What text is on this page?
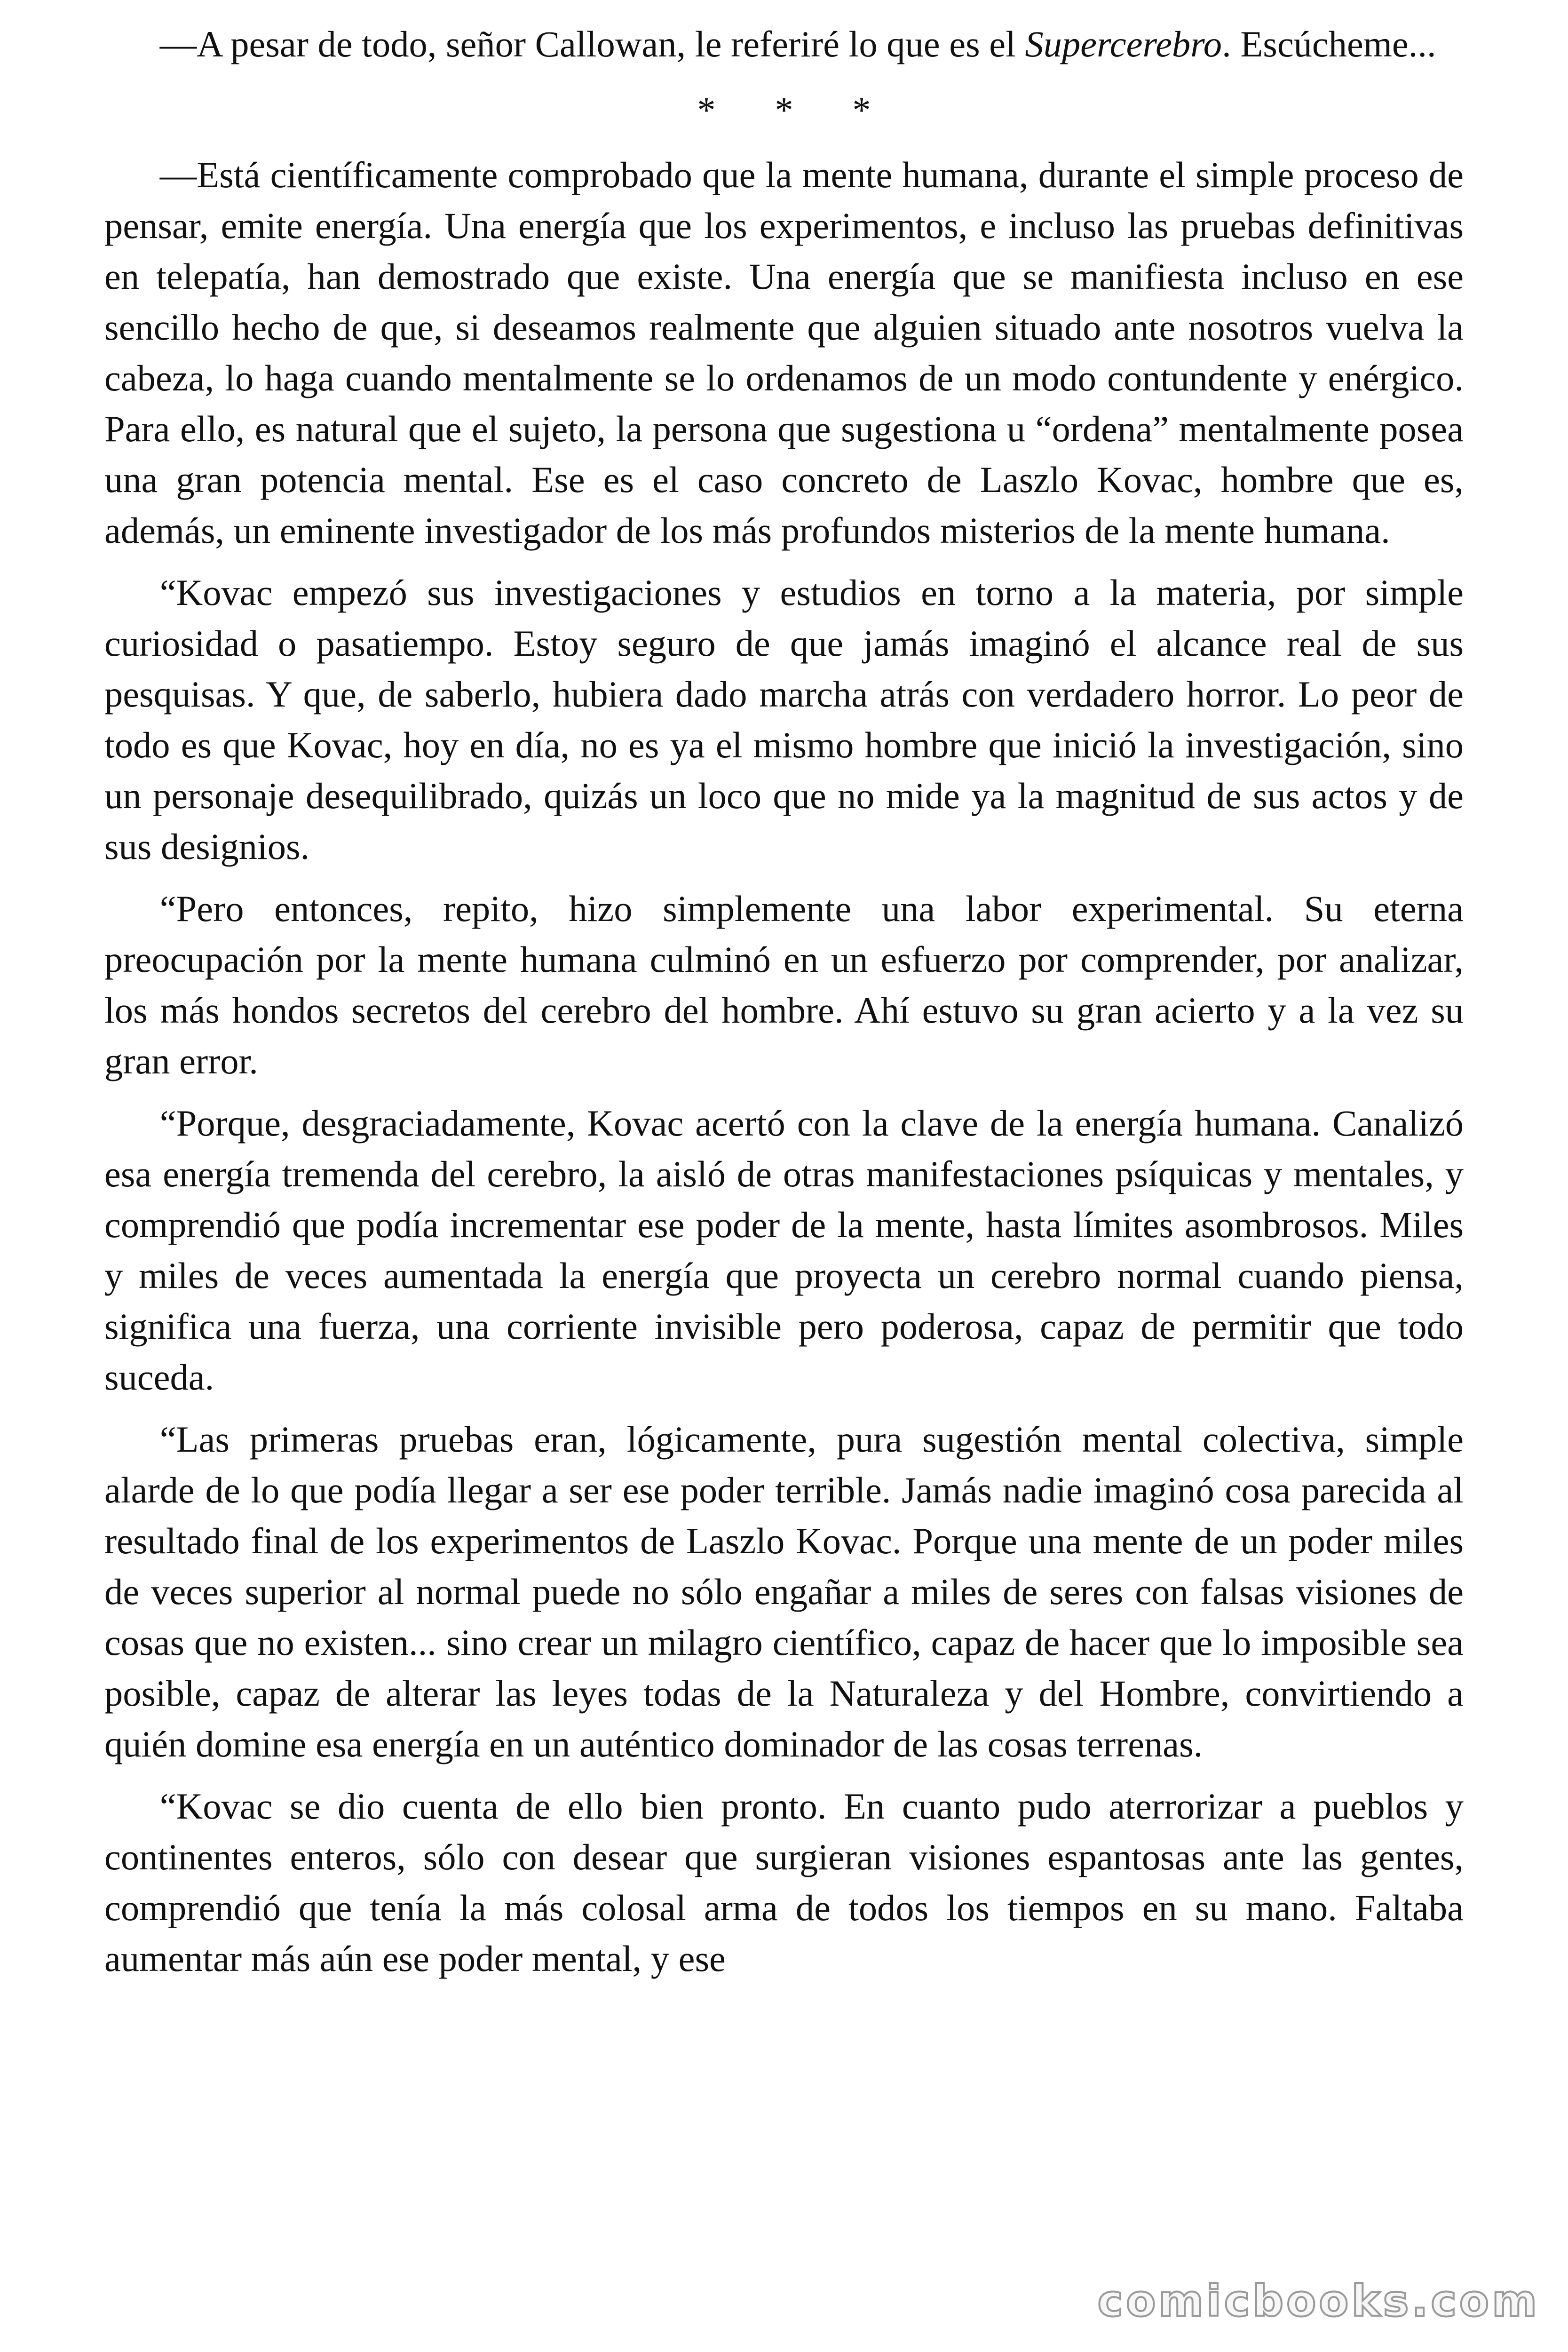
—A pesar de todo, señor Callowan, le referiré lo que es el Supercerebro. Escúcheme...

* * *

—Está científicamente comprobado que la mente humana, durante el simple proceso de pensar, emite energía. Una energía que los experimentos, e incluso las pruebas definitivas en telepatía, han demostrado que existe. Una energía que se manifiesta incluso en ese sencillo hecho de que, si deseamos realmente que alguien situado ante nosotros vuelva la cabeza, lo haga cuando mentalmente se lo ordenamos de un modo contundente y enérgico. Para ello, es natural que el sujeto, la persona que sugestiona u “ordena” mentalmente posea una gran potencia mental. Ese es el caso concreto de Laszlo Kovac, hombre que es, además, un eminente investigador de los más profundos misterios de la mente humana.

“Kovac empezó sus investigaciones y estudios en torno a la materia, por simple curiosidad o pasatiempo. Estoy seguro de que jamás imaginó el alcance real de sus pesquisas. Y que, de saberlo, hubiera dado marcha atrás con verdadero horror. Lo peor de todo es que Kovac, hoy en día, no es ya el mismo hombre que inició la investigación, sino un personaje desequilibrado, quizás un loco que no mide ya la magnitud de sus actos y de sus designios.

“Pero entonces, repito, hizo simplemente una labor experimental. Su eterna preocupación por la mente humana culminó en un esfuerzo por comprender, por analizar, los más hondos secretos del cerebro del hombre. Ahí estuvo su gran acierto y a la vez su gran error.

“Porque, desgraciadamente, Kovac acertó con la clave de la energía humana. Canalizó esa energía tremenda del cerebro, la aisló de otras manifestaciones psíquicas y mentales, y comprendió que podía incrementar ese poder de la mente, hasta límites asombrosos. Miles y miles de veces aumentada la energía que proyecta un cerebro normal cuando piensa, significa una fuerza, una corriente invisible pero poderosa, capaz de permitir que todo suceda.

“Las primeras pruebas eran, lógicamente, pura sugestión mental colectiva, simple alarde de lo que podía llegar a ser ese poder terrible. Jamás nadie imaginó cosa parecida al resultado final de los experimentos de Laszlo Kovac. Porque una mente de un poder miles de veces superior al normal puede no sólo engañar a miles de seres con falsas visiones de cosas que no existen... sino crear un milagro científico, capaz de hacer que lo imposible sea posible, capaz de alterar las leyes todas de la Naturaleza y del Hombre, convirtiendo a quién domine esa energía en un auténtico dominador de las cosas terrenas.

“Kovac se dio cuenta de ello bien pronto. En cuanto pudo aterrorizar a pueblos y continentes enteros, sólo con desear que surgieran visiones espantosas ante las gentes, comprendió que tenía la más colosal arma de todos los tiempos en su mano. Faltaba aumentar más aún ese poder mental, y ese

comicbooks.com
